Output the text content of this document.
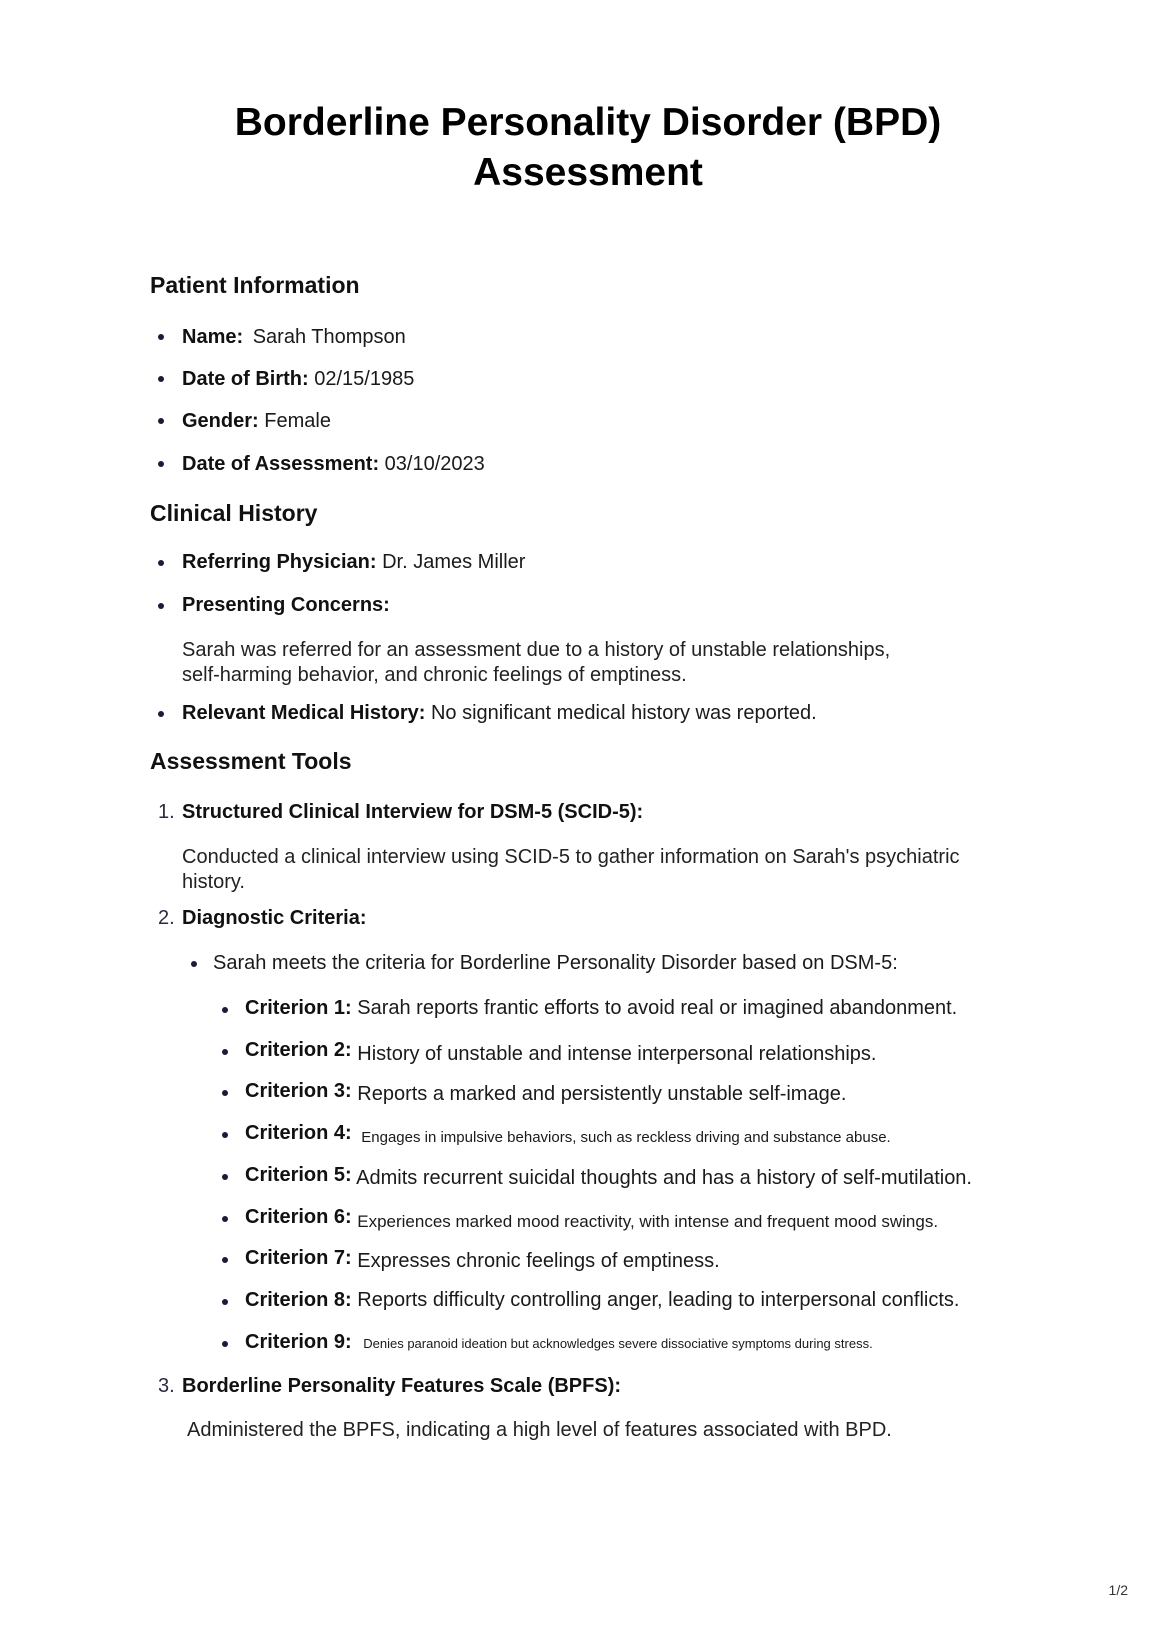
Borderline Personality Disorder (BPD)
Assessment
Patient Information
Name: Sarah Thompson
Date of Birth: 02/15/1985
Gender: Female
Date of Assessment: 03/10/2023
Clinical History
Referring Physician: Dr. James Miller
Presenting Concerns:
Sarah was referred for an assessment due to a history of unstable relationships,
self-harming behavior, and chronic feelings of emptiness.
Relevant Medical History: No significant medical history was reported.
Assessment Tools
1. Structured Clinical Interview for DSM-5 (SCID-5):
Conducted a clinical interview using SCID-5 to gather information on Sarah's psychiatric
history.
2. Diagnostic Criteria:
Sarah meets the criteria for Borderline Personality Disorder based on DSM-5:
Criterion 1: Sarah reports frantic efforts to avoid real or imagined abandonment.
Criterion 2: History of unstable and intense interpersonal relationships.
Criterion 3: Reports a marked and persistently unstable self-image.
Criterion 4: Engages in impulsive behaviors, such as reckless driving and substance abuse.
Criterion 5: Admits recurrent suicidal thoughts and has a history of self-mutilation.
Criterion 6: $_{Experiences marked mood reactivity, with intense and frequent mood swings.}$
Criterion 7: Expresses chronic feelings of emptiness.
Criterion 8: Reports difficulty controlling anger, leading to interpersonal conflicts.
Criterion 9: Denies paranoid ideation but acknowledges severe dissociative symptoms during stress.
3. Borderline Personality Features Scale (BPFS):
Administered the BPFS, indicating a high level of features associated with BPD.
1/2
